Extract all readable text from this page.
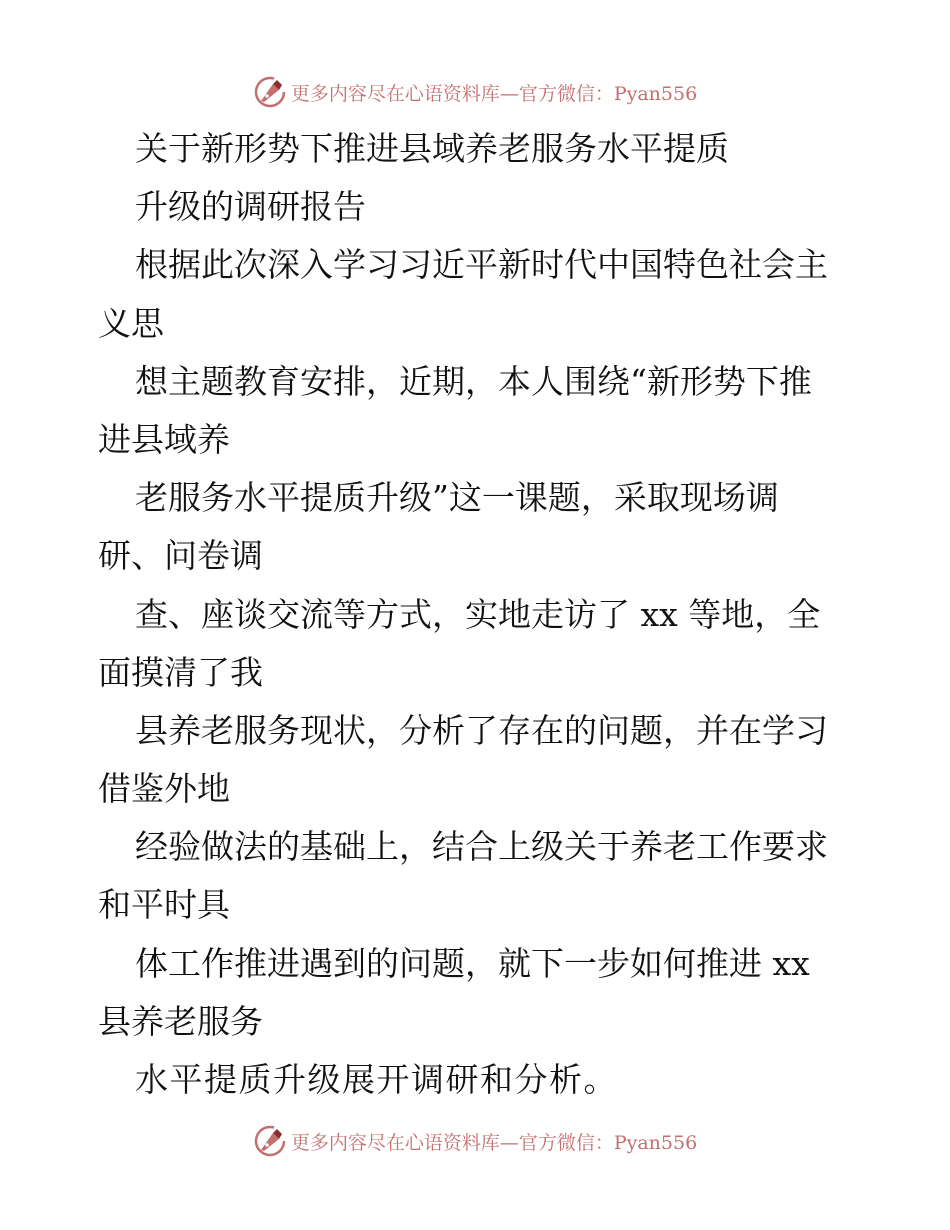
更多内容尽在心语资料库—官方微信：Pyan556
关于新形势下推进县域养老服务水平提质
升级的调研报告
根据此次深入学习习近平新时代中国特色社会主
义思
想主题教育安排，近期，本人围绕“新形势下推
进县域养
老服务水平提质升级”这一课题，采取现场调
研、问卷调
查、座谈交流等方式，实地走访了 xx 等地，全
面摸清了我
县养老服务现状，分析了存在的问题，并在学习
借鉴外地
经验做法的基础上，结合上级关于养老工作要求
和平时具
体工作推进遇到的问题，就下一步如何推进 xx
县养老服务
水平提质升级展开调研和分析。
更多内容尽在心语资料库—官方微信：Pyan556
